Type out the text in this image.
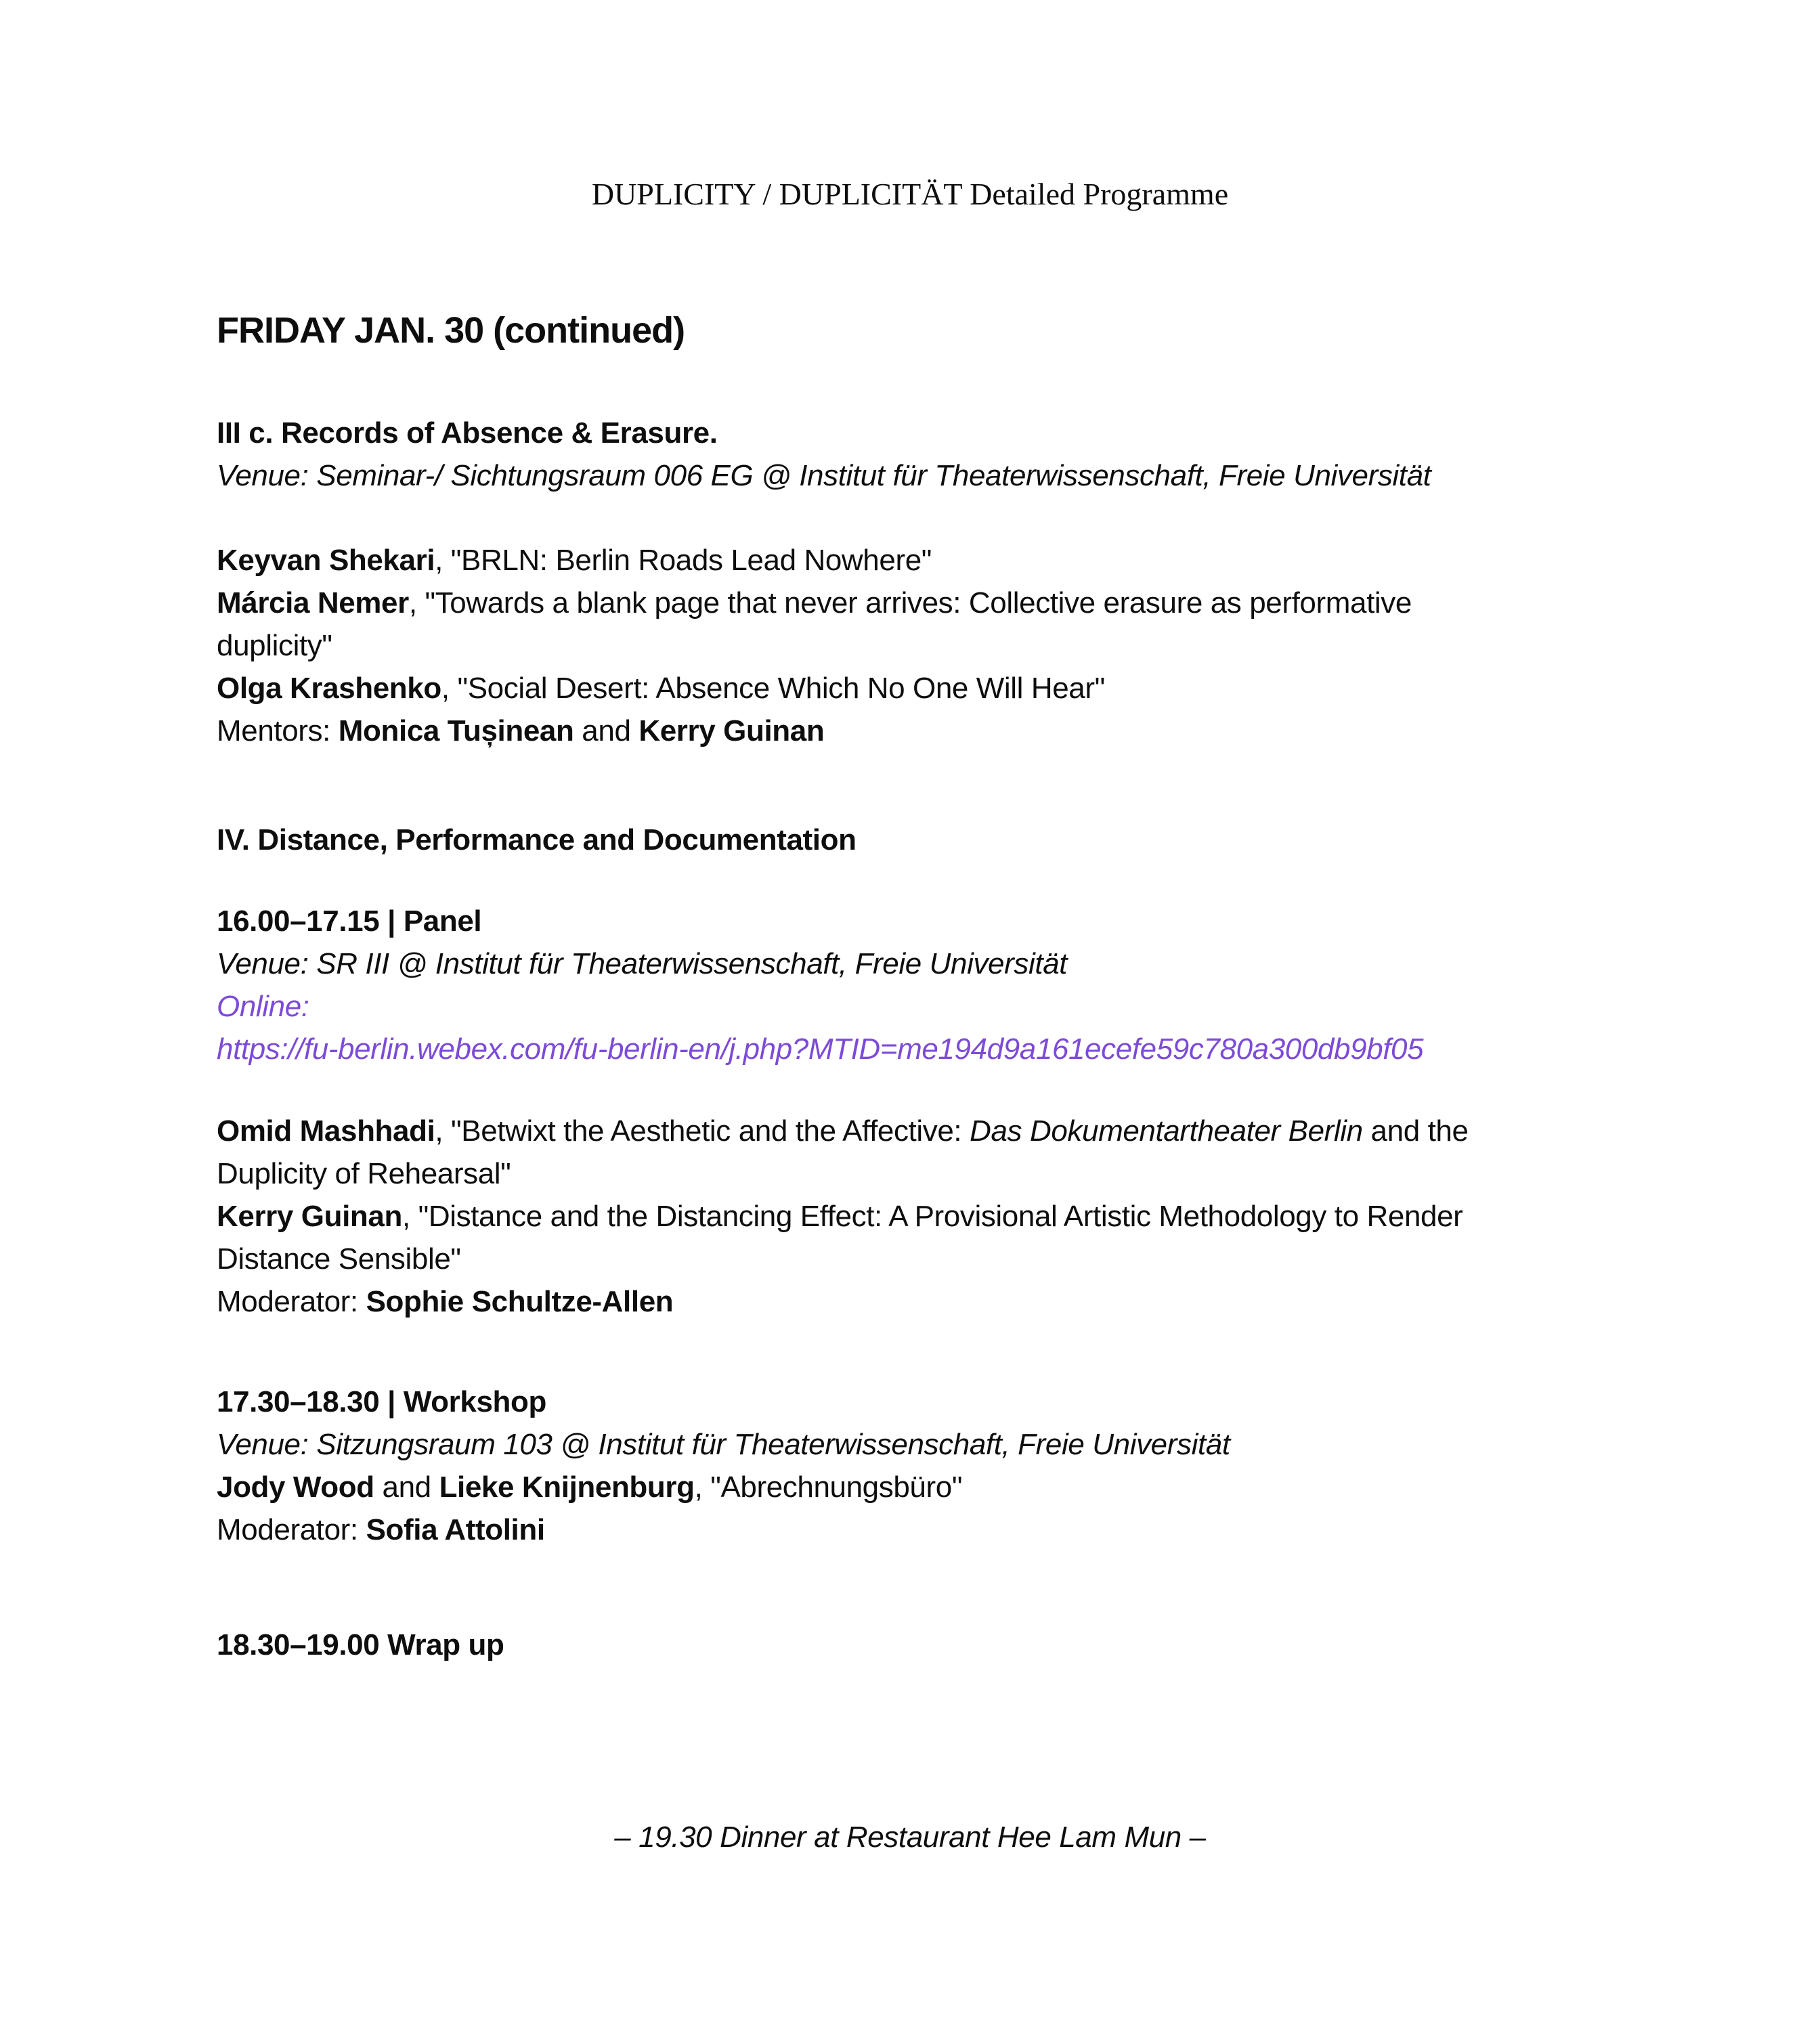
DUPLICITY / DUPLICITÄT Detailed Programme
FRIDAY JAN. 30 (continued)
III c. Records of Absence & Erasure.
Venue: Seminar-/ Sichtungsraum 006 EG @ Institut für Theaterwissenschaft, Freie Universität
Keyvan Shekari, "BRLN: Berlin Roads Lead Nowhere"
Márcia Nemer, "Towards a blank page that never arrives: Collective erasure as performative
duplicity"
Olga Krashenko, "Social Desert: Absence Which No One Will Hear"
Mentors: Monica Tușinean and Kerry Guinan
IV. Distance, Performance and Documentation
16.00–17.15 | Panel
Venue: SR III @ Institut für Theaterwissenschaft, Freie Universität
Online:
https://fu-berlin.webex.com/fu-berlin-en/j.php?MTID=me194d9a161ecefe59c780a300db9bf05
Omid Mashhadi, "Betwixt the Aesthetic and the Affective: Das Dokumentartheater Berlin and the
Duplicity of Rehearsal"
Kerry Guinan, "Distance and the Distancing Effect: A Provisional Artistic Methodology to Render
Distance Sensible"
Moderator: Sophie Schultze-Allen
17.30–18.30 | Workshop
Venue: Sitzungsraum 103 @ Institut für Theaterwissenschaft, Freie Universität
Jody Wood and Lieke Knijnenburg, "Abrechnungsbüro"
Moderator: Sofia Attolini
18.30–19.00 Wrap up
– 19.30 Dinner at Restaurant Hee Lam Mun –
